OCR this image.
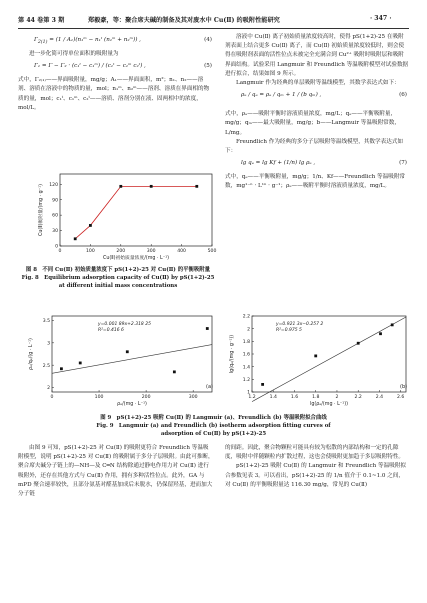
第 44 卷第 3 期	郑毅豪，等：聚合席夫碱的制备及其对废水中 Cu(Ⅱ) 的吸附性能研究	· 347 ·
$\Gamma_{2(1)} = (1$ / A₁)(n₁ᵐ − n₁ᵗ (n₁ᵐ + n₂ᵐ)) ,	(4)

进一步化简可得单位面积的吸附量为

Γ₁ = Γ − Γ₂ · (c₁ᵗ − c₁ᵐ) / (c₁ᵗ − c₁ᵐ c₂ᵗ) ,	(5)

式中，Γ₂₍₁₎——界面吸附量，mg/g；A₁——界面面积，m²；n₁、n₂——溶剂、溶质在溶液中的物质的量，mol；n₁ᵐ、n₂ᵐ——溶剂、溶质在界面相的物质的量，mol；c₁ᵗ、c₁ᵐ、c₂ᵗ——溶质、溶剂分别在液、固两相中的浓度，mol/L。

0	100	200	300	400	500
0
30
60
90
120
Cu(Ⅱ)初始质量浓度/(mg · L⁻¹)
Cu(Ⅱ)吸附量/(mg · g⁻¹)
图 8　不同 Cu(Ⅱ) 初始质量浓度下 pS(1+2)-25 对 Cu(Ⅱ) 的平衡吸附量
Fig. 8　Equilibrium adsorption capacity of Cu(Ⅱ) by pS(1+2)-25 at different initial mass concentrations

溶液中 Cu(Ⅱ) 离子初始质量浓度较高时，使得 pS(1+2)-25 在吸附剂表面上结合更多 Cu(Ⅱ) 离子，而 Cu(Ⅱ) 初始质量浓度较低时，则会使得在吸附剂表面的活性位点未被完全充满合到 Cu²⁺ 吸附时吸附层和吸附界面结构。试验采用 Langmuir 和 Freundlich 等温吸附模型对试验数据进行拟合，结果如图 9 所示。

Langmuir 作为经典的单层吸附等温线模型，其数学表达式如下：

ρₑ / qₑ = ρₑ / qₘ + 1 / (b qₘ) ,	(6)

式中，ρₑ——吸附平衡时溶液质量浓度，mg/L；qₑ——平衡吸附量，mg/g；qₘ——最大吸附量，mg/g；b——Langmuir 等温吸附常数，L/mg。

Freundlich 作为经典的多分子层吸附等温线模型，其数学表达式如下：

lg qₑ = lg Kf + (1/n) lg ρₑ ,	(7)

式中，qₑ——平衡吸附量，mg/g；1/n、Kf——Freundlich 等温吸附常数，mg¹⁻ⁿ · L¹ⁿ · g⁻¹；ρₑ——吸附平衡时溶液质量浓度，mg/L。

0	100	200	300
2
2.5
3
3.5
ρₑ/(mg · L⁻¹)
ρₑ/qₑ/(g · L⁻¹)
y=0.001 89x+2.318 25
R²=0.416 6
(a)
1.2	1.4	1.6	1.8	2	2.2	2.4	2.6
1
1.2
1.4
1.6
1.8
2
2.2
lg(ρₑ/(mg · L⁻¹))
lg(qₑ/(mg · g⁻¹))
y=0.921 3x−0.257 2
R²=0.975 5
(b)
图 9　pS(1+2)-25 吸附 Cu(Ⅱ) 的 Langmuir (a)、Freundlich (b) 等温吸附拟合曲线
Fig. 9　Langmuir (a) and Freundlich (b) isotherm adsorption fitting curves of
adsorption of Cu(Ⅱ) by pS(1+2)-25

由图 9 可知，pS(1+2)-25 对 Cu(Ⅱ) 的吸附更符合 Freundlich 等温吸附模型，说明 pS(1+2)-25 对 Cu(Ⅱ) 的吸附属于多分子层吸附。由此可推断，聚合席夫碱分子链上的—NH—及 C═N 结构除通过静电作用力对 Cu(Ⅱ) 进行吸附外，还存在其他方式与 Cu(Ⅱ) 作用，拥有多种活性位点。此外，GA 与 mPD 聚合速率较快，且部分氨基对醛基加成后未脱水，仍保留羟基，进而加大分子链

的间距。因此，聚合物颗粒可能具有较为松散的内部结构和一定的孔隙度，吸附中伴随颗粒内扩散过程，这也会使吸附更加趋于多层吸附特性。

pS(1+2)-25 吸附 Cu(Ⅱ) 的 Langmuir 和 Freundlich 等温吸附拟合参数见表 3。可以看出，pS(1+2)-25 的 1/n 值介于 0.1~1.0 之间，对 Cu(Ⅱ) 的平衡吸附量达 116.30 mg/g，常见的 Cu(Ⅱ)
